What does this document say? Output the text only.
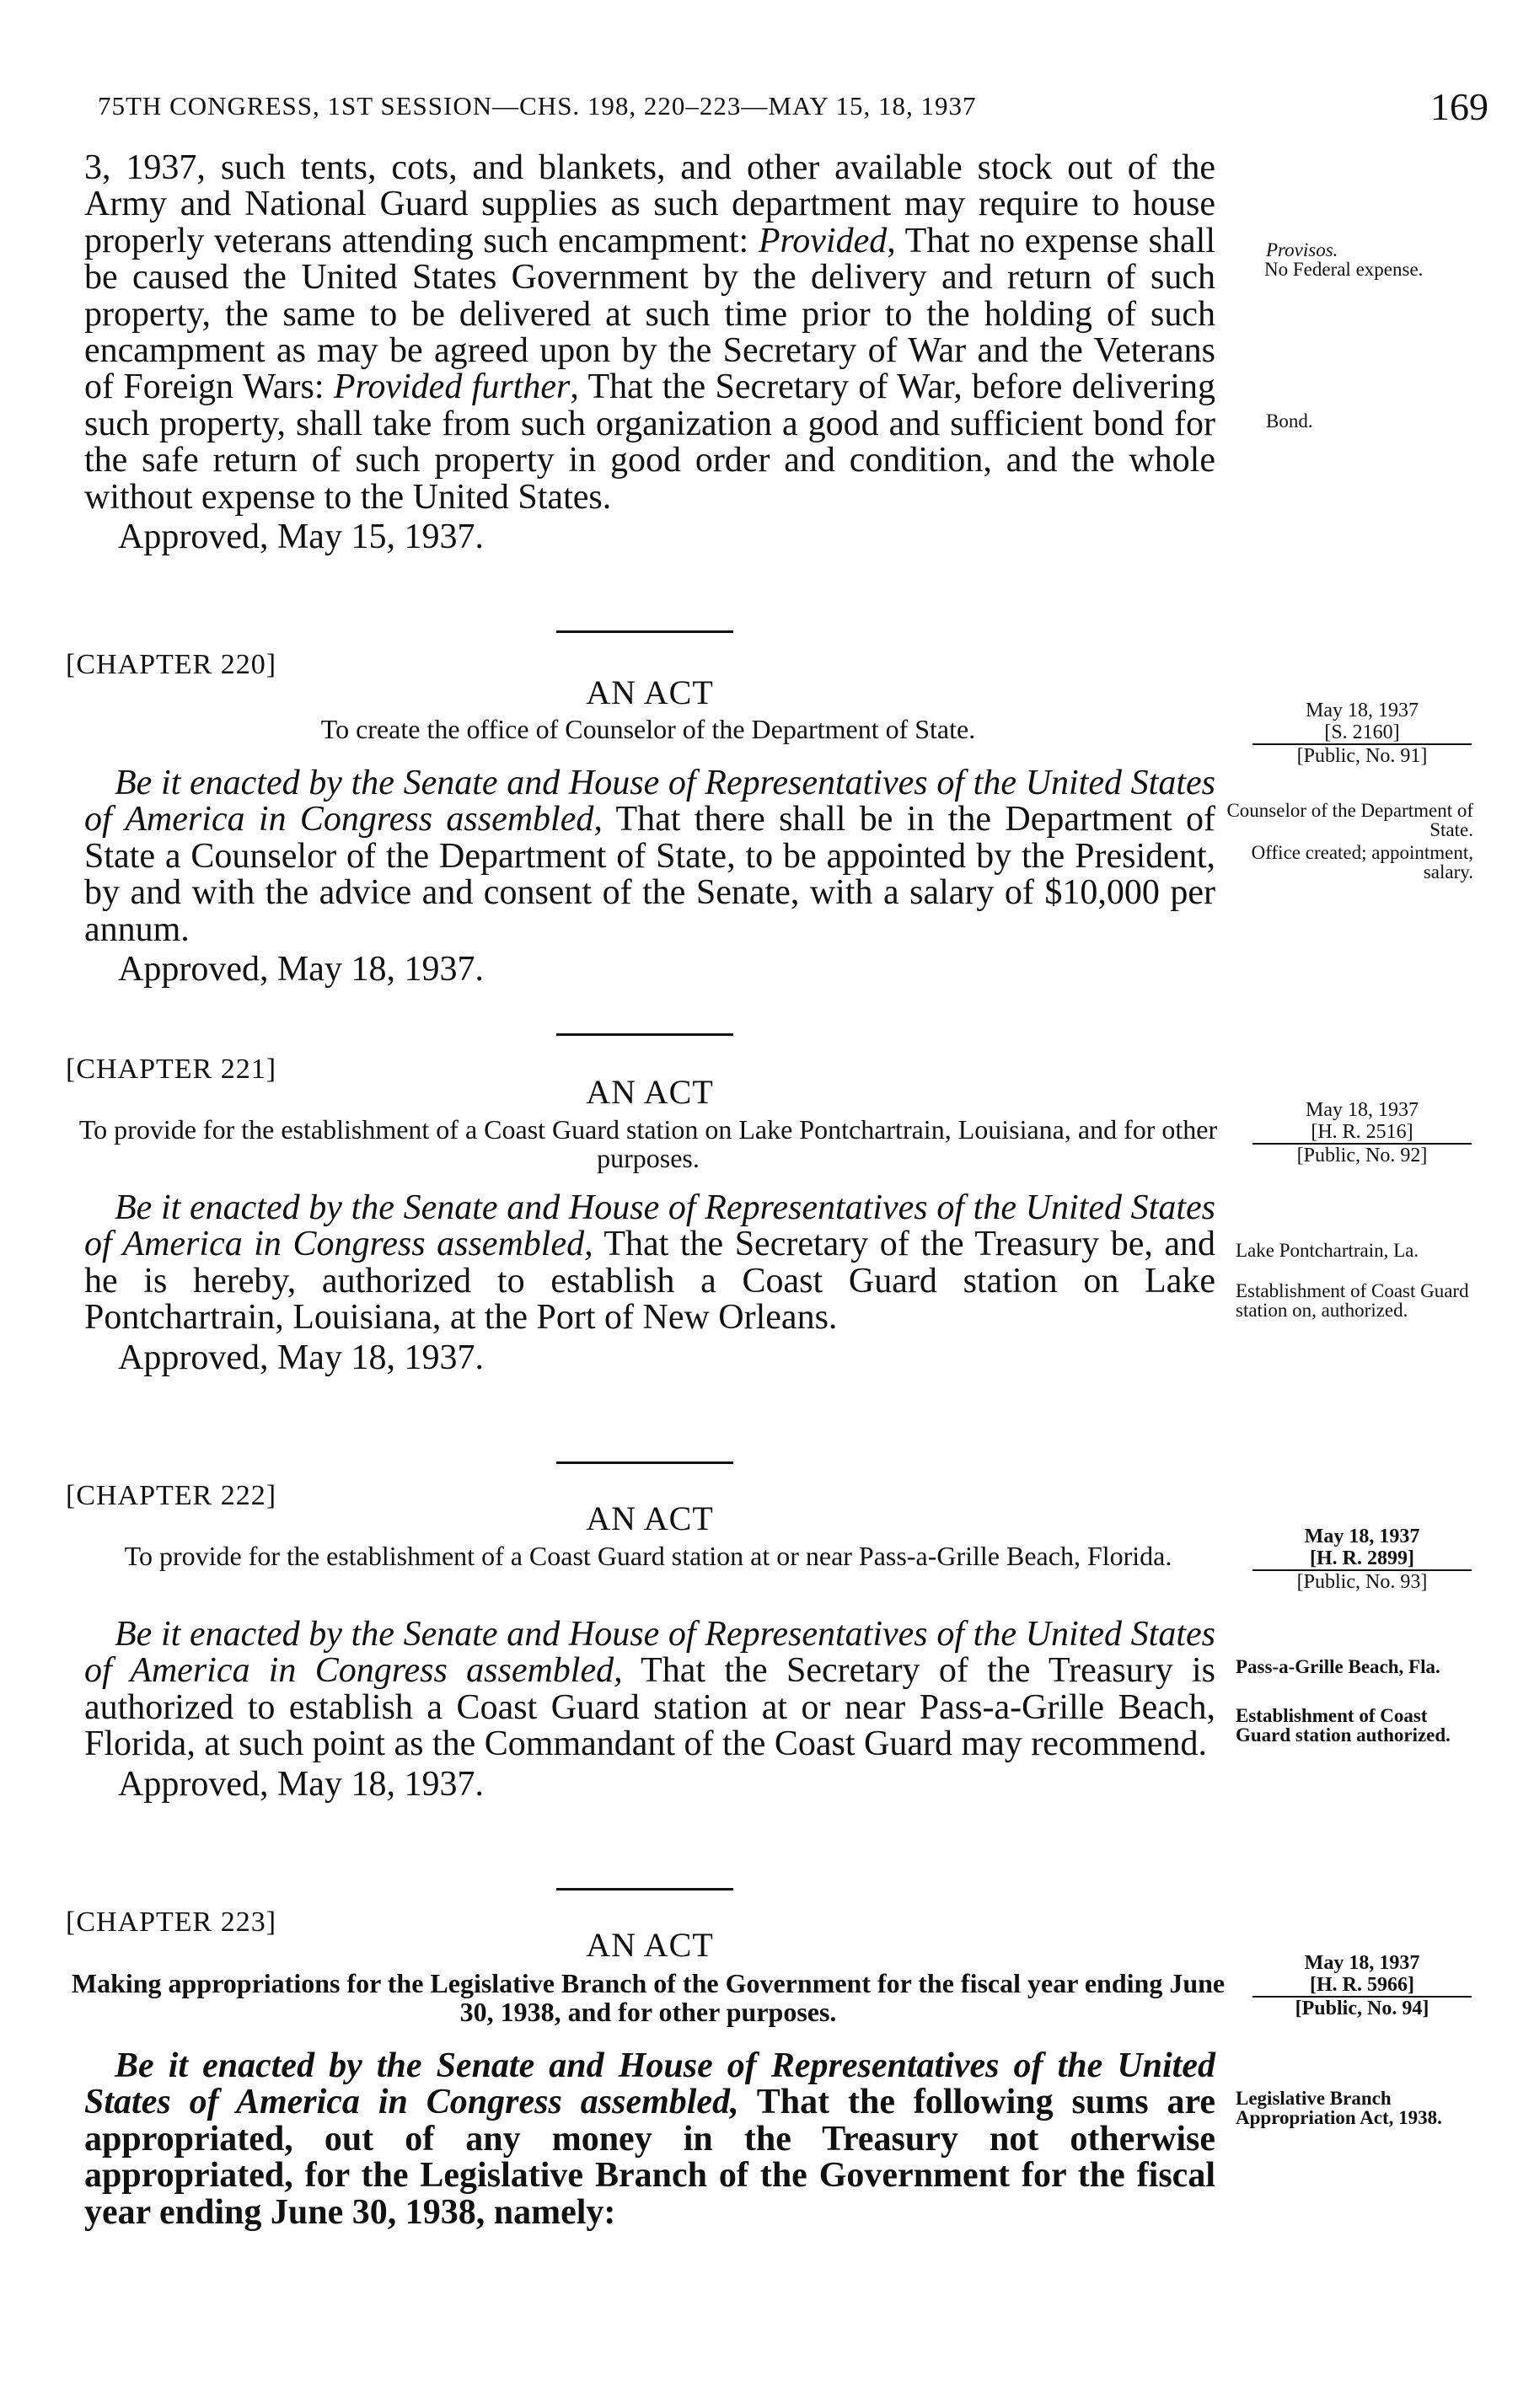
75TH CONGRESS, 1ST SESSION—CHS. 198, 220–223—MAY 15, 18, 1937	169

3, 1937, such tents, cots, and blankets, and other available stock out of the Army and National Guard supplies as such department may require to house properly veterans attending such encampment: Provided, That no expense shall be caused the United States Government by the delivery and return of such property, the same to be delivered at such time prior to the holding of such encampment as may be agreed upon by the Secretary of War and the Veterans of Foreign Wars: Provided further, That the Secretary of War, before delivering such property, shall take from such organization a good and sufficient bond for the safe return of such property in good order and condition, and the whole without expense to the United States.

Approved, May 15, 1937.
Provisos.
No Federal expense.
Bond.
[CHAPTER 220]
AN ACT
To create the office of Counselor of the Department of State.
May 18, 1937
[S. 2160]
[Public, No. 91]

Be it enacted by the Senate and House of Representatives of the United States of America in Congress assembled, That there shall be in the Department of State a Counselor of the Department of State, to be appointed by the President, by and with the advice and consent of the Senate, with a salary of $10,000 per annum.

Approved, May 18, 1937.
Counselor of the Department of State.
Office created; appointment, salary.
[CHAPTER 221]
AN ACT
To provide for the establishment of a Coast Guard station on Lake Pontchartrain, Louisiana, and for other purposes.
May 18, 1937
[H. R. 2516]
[Public, No. 92]

Be it enacted by the Senate and House of Representatives of the United States of America in Congress assembled, That the Secretary of the Treasury be, and he is hereby, authorized to establish a Coast Guard station on Lake Pontchartrain, Louisiana, at the Port of New Orleans.

Approved, May 18, 1937.
Lake Pontchartrain, La.
Establishment of Coast Guard station on, authorized.
[CHAPTER 222]
AN ACT
To provide for the establishment of a Coast Guard station at or near Pass-a-Grille Beach, Florida.
May 18, 1937
[H. R. 2899]
[Public, No. 93]

Be it enacted by the Senate and House of Representatives of the United States of America in Congress assembled, That the Secretary of the Treasury is authorized to establish a Coast Guard station at or near Pass-a-Grille Beach, Florida, at such point as the Commandant of the Coast Guard may recommend.

Approved, May 18, 1937.
Pass-a-Grille Beach, Fla.
Establishment of Coast Guard station authorized.
[CHAPTER 223]
AN ACT
Making appropriations for the Legislative Branch of the Government for the fiscal year ending June 30, 1938, and for other purposes.
May 18, 1937
[H. R. 5966]
[Public, No. 94]

Be it enacted by the Senate and House of Representatives of the United States of America in Congress assembled, That the following sums are appropriated, out of any money in the Treasury not otherwise appropriated, for the Legislative Branch of the Government for the fiscal year ending June 30, 1938, namely:

Legislative Branch Appropriation Act, 1938.
